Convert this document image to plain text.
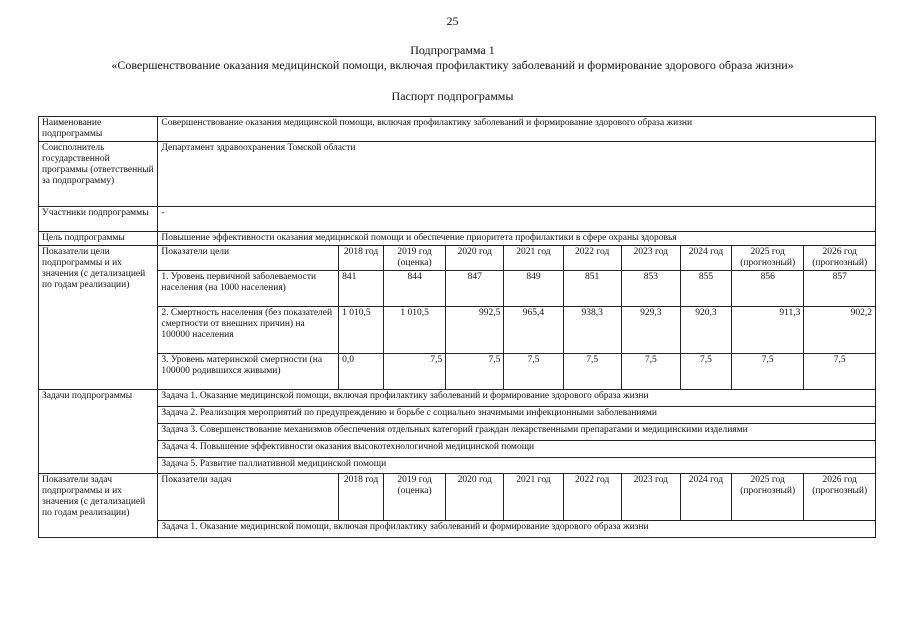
25
Подпрограмма 1
«Совершенствование оказания медицинской помощи, включая профилактику заболеваний и формирование здорового образа жизни»
Паспорт подпрограммы
Наименование подпрограммы	Совершенствование оказания медицинской помощи, включая профилактику заболеваний и формирование здорового образа жизни									
Соисполнитель государственной программы (ответственный за подпрограмму)	Департамент здравоохранения Томской области									
Участники подпрограммы	-									
Цель подпрограммы	Повышение эффективности оказания медицинской помощи и обеспечение приоритета профилактики в сфере охраны здоровья									
Показатели цели подпрограммы и их значения (с детализацией по годам реализации)	Показатели цели	2018 год	2019 год (оценка)	2020 год	2021 год	2022 год	2023 год	2024 год	2025 год (прогнозный)	2026 год (прогнозный)
	1. Уровень первичной заболеваемости населения (на 1000 населения)	841	844	847	849	851	853	855	856	857
	2. Смертность населения (без показателей смертности от внешних причин) на 100000 населения	1 010,5	1 010,5	992,5	965,4	938,3	929,3	920,3	911,3	902,2
	3. Уровень материнской смертности (на 100000 родившихся живыми)	0,0	7,5	7,5	7,5	7,5	7,5	7,5	7,5	7,5
Задачи подпрограммы	Задача 1. Оказание медицинской помощи, включая профилактику заболеваний и формирование здорового образа жизни									
	Задача 2. Реализация мероприятий по предупреждению и борьбе с социально значимыми инфекционными заболеваниями									
	Задача 3. Совершенствование механизмов обеспечения отдельных категорий граждан лекарственными препаратами и медицинскими изделиями									
	Задача 4. Повышение эффективности оказания высокотехнологичной медицинской помощи									
	Задача 5. Развитие паллиативной медицинской помощи									
Показатели задач подпрограммы и их значения (с детализацией по годам реализации)	Показатели задач	2018 год	2019 год (оценка)	2020 год	2021 год	2022 год	2023 год	2024 год	2025 год (прогнозный)	2026 год (прогнозный)
	Задача 1. Оказание медицинской помощи, включая профилактику заболеваний и формирование здорового образа жизни									
